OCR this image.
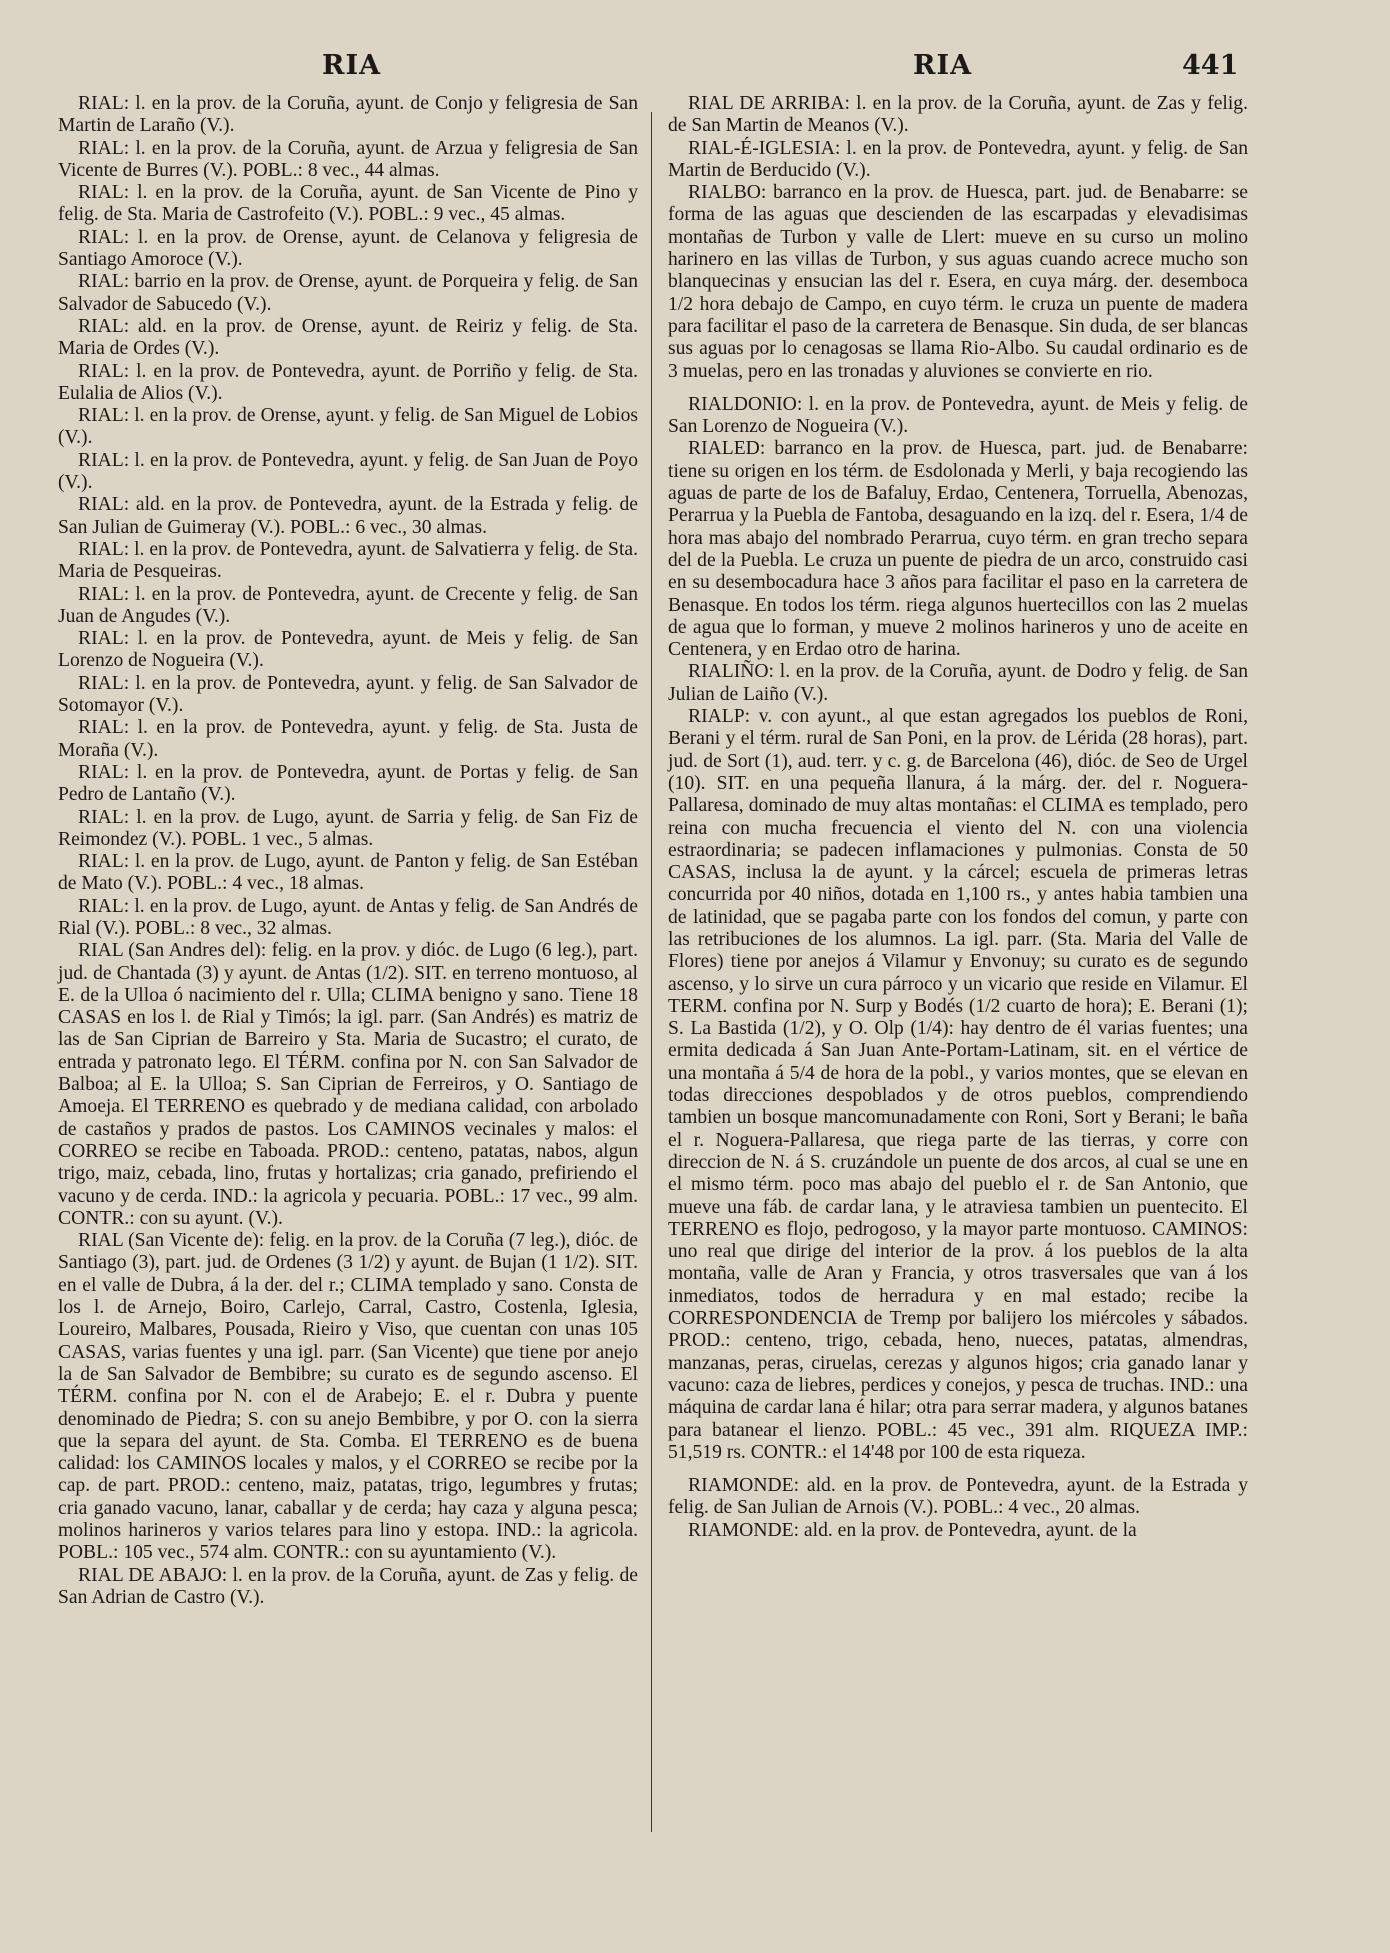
RIA	RIA	441

RIAL: l. en la prov. de la Coruña, ayunt. de Conjo y feligresia de San Martin de Laraño (V.).

RIAL: l. en la prov. de la Coruña, ayunt. de Arzua y feligresia de San Vicente de Burres (V.). POBL.: 8 vec., 44 almas.

RIAL: l. en la prov. de la Coruña, ayunt. de San Vicente de Pino y felig. de Sta. Maria de Castrofeito (V.). POBL.: 9 vec., 45 almas.

RIAL: l. en la prov. de Orense, ayunt. de Celanova y feligresia de Santiago Amoroce (V.).

RIAL: barrio en la prov. de Orense, ayunt. de Porqueira y felig. de San Salvador de Sabucedo (V.).

RIAL: ald. en la prov. de Orense, ayunt. de Reiriz y felig. de Sta. Maria de Ordes (V.).

RIAL: l. en la prov. de Pontevedra, ayunt. de Porriño y felig. de Sta. Eulalia de Alios (V.).

RIAL: l. en la prov. de Orense, ayunt. y felig. de San Miguel de Lobios (V.).

RIAL: l. en la prov. de Pontevedra, ayunt. y felig. de San Juan de Poyo (V.).

RIAL: ald. en la prov. de Pontevedra, ayunt. de la Estrada y felig. de San Julian de Guimeray (V.). POBL.: 6 vec., 30 almas.

RIAL: l. en la prov. de Pontevedra, ayunt. de Salvatierra y felig. de Sta. Maria de Pesqueiras.

RIAL: l. en la prov. de Pontevedra, ayunt. de Crecente y felig. de San Juan de Angudes (V.).

RIAL: l. en la prov. de Pontevedra, ayunt. de Meis y felig. de San Lorenzo de Nogueira (V.).

RIAL: l. en la prov. de Pontevedra, ayunt. y felig. de San Salvador de Sotomayor (V.).

RIAL: l. en la prov. de Pontevedra, ayunt. y felig. de Sta. Justa de Moraña (V.).

RIAL: l. en la prov. de Pontevedra, ayunt. de Portas y felig. de San Pedro de Lantaño (V.).

RIAL: l. en la prov. de Lugo, ayunt. de Sarria y felig. de San Fiz de Reimondez (V.). POBL. 1 vec., 5 almas.

RIAL: l. en la prov. de Lugo, ayunt. de Panton y felig. de San Estéban de Mato (V.). POBL.: 4 vec., 18 almas.

RIAL: l. en la prov. de Lugo, ayunt. de Antas y felig. de San Andrés de Rial (V.). POBL.: 8 vec., 32 almas.

RIAL (San Andres del): felig. en la prov. y dióc. de Lugo (6 leg.), part. jud. de Chantada (3) y ayunt. de Antas (1/2). SIT. en terreno montuoso, al E. de la Ulloa ó nacimiento del r. Ulla; CLIMA benigno y sano. Tiene 18 CASAS en los l. de Rial y Timós; la igl. parr. (San Andrés) es matriz de las de San Ciprian de Barreiro y Sta. Maria de Sucastro; el curato, de entrada y patronato lego. El TÉRM. confina por N. con San Salvador de Balboa; al E. la Ulloa; S. San Ciprian de Ferreiros, y O. Santiago de Amoeja. El TERRENO es quebrado y de mediana calidad, con arbolado de castaños y prados de pastos. Los CAMINOS vecinales y malos: el CORREO se recibe en Taboada. PROD.: centeno, patatas, nabos, algun trigo, maiz, cebada, lino, frutas y hortalizas; cria ganado, prefiriendo el vacuno y de cerda. IND.: la agricola y pecuaria. POBL.: 17 vec., 99 alm. CONTR.: con su ayunt. (V.).

RIAL (San Vicente de): felig. en la prov. de la Coruña (7 leg.), dióc. de Santiago (3), part. jud. de Ordenes (3 1/2) y ayunt. de Bujan (1 1/2). SIT. en el valle de Dubra, á la der. del r.; CLIMA templado y sano. Consta de los l. de Arnejo, Boiro, Carlejo, Carral, Castro, Costenla, Iglesia, Loureiro, Malbares, Pousada, Rieiro y Viso, que cuentan con unas 105 CASAS, varias fuentes y una igl. parr. (San Vicente) que tiene por anejo la de San Salvador de Bembibre; su curato es de segundo ascenso. El TÉRM. confina por N. con el de Arabejo; E. el r. Dubra y puente denominado de Piedra; S. con su anejo Bembibre, y por O. con la sierra que la separa del ayunt. de Sta. Comba. El TERRENO es de buena calidad: los CAMINOS locales y malos, y el CORREO se recibe por la cap. de part. PROD.: centeno, maiz, patatas, trigo, legumbres y frutas; cria ganado vacuno, lanar, caballar y de cerda; hay caza y alguna pesca; molinos harineros y varios telares para lino y estopa. IND.: la agricola. POBL.: 105 vec., 574 alm. CONTR.: con su ayuntamiento (V.).

RIAL DE ABAJO: l. en la prov. de la Coruña, ayunt. de Zas y felig. de San Adrian de Castro (V.).

RIAL DE ARRIBA: l. en la prov. de la Coruña, ayunt. de Zas y felig. de San Martin de Meanos (V.).

RIAL-É-IGLESIA: l. en la prov. de Pontevedra, ayunt. y felig. de San Martin de Berducido (V.).

RIALBO: barranco en la prov. de Huesca, part. jud. de Benabarre: se forma de las aguas que descienden de las escarpadas y elevadisimas montañas de Turbon y valle de Llert: mueve en su curso un molino harinero en las villas de Turbon, y sus aguas cuando acrece mucho son blanquecinas y ensucian las del r. Esera, en cuya márg. der. desemboca 1/2 hora debajo de Campo, en cuyo térm. le cruza un puente de madera para facilitar el paso de la carretera de Benasque. Sin duda, de ser blancas sus aguas por lo cenagosas se llama Rio-Albo. Su caudal ordinario es de 3 muelas, pero en las tronadas y aluviones se convierte en rio.

RIALDONIO: l. en la prov. de Pontevedra, ayunt. de Meis y felig. de San Lorenzo de Nogueira (V.).

RIALED: barranco en la prov. de Huesca, part. jud. de Benabarre: tiene su origen en los térm. de Esdolonada y Merli, y baja recogiendo las aguas de parte de los de Bafaluy, Erdao, Centenera, Torruella, Abenozas, Perarrua y la Puebla de Fantoba, desaguando en la izq. del r. Esera, 1/4 de hora mas abajo del nombrado Perarrua, cuyo térm. en gran trecho separa del de la Puebla. Le cruza un puente de piedra de un arco, construido casi en su desembocadura hace 3 años para facilitar el paso en la carretera de Benasque. En todos los térm. riega algunos huertecillos con las 2 muelas de agua que lo forman, y mueve 2 molinos harineros y uno de aceite en Centenera, y en Erdao otro de harina.

RIALIÑO: l. en la prov. de la Coruña, ayunt. de Dodro y felig. de San Julian de Laiño (V.).

RIALP: v. con ayunt., al que estan agregados los pueblos de Roni, Berani y el térm. rural de San Poni, en la prov. de Lérida (28 horas), part. jud. de Sort (1), aud. terr. y c. g. de Barcelona (46), dióc. de Seo de Urgel (10). SIT. en una pequeña llanura, á la márg. der. del r. Noguera-Pallaresa, dominado de muy altas montañas: el CLIMA es templado, pero reina con mucha frecuencia el viento del N. con una violencia estraordinaria; se padecen inflamaciones y pulmonias. Consta de 50 CASAS, inclusa la de ayunt. y la cárcel; escuela de primeras letras concurrida por 40 niños, dotada en 1,100 rs., y antes habia tambien una de latinidad, que se pagaba parte con los fondos del comun, y parte con las retribuciones de los alumnos. La igl. parr. (Sta. Maria del Valle de Flores) tiene por anejos á Vilamur y Envonuy; su curato es de segundo ascenso, y lo sirve un cura párroco y un vicario que reside en Vilamur. El TERM. confina por N. Surp y Bodés (1/2 cuarto de hora); E. Berani (1); S. La Bastida (1/2), y O. Olp (1/4): hay dentro de él varias fuentes; una ermita dedicada á San Juan Ante-Portam-Latinam, sit. en el vértice de una montaña á 5/4 de hora de la pobl., y varios montes, que se elevan en todas direcciones despoblados y de otros pueblos, comprendiendo tambien un bosque mancomunadamente con Roni, Sort y Berani; le baña el r. Noguera-Pallaresa, que riega parte de las tierras, y corre con direccion de N. á S. cruzándole un puente de dos arcos, al cual se une en el mismo térm. poco mas abajo del pueblo el r. de San Antonio, que mueve una fáb. de cardar lana, y le atraviesa tambien un puentecito. El TERRENO es flojo, pedrogoso, y la mayor parte montuoso. CAMINOS: uno real que dirige del interior de la prov. á los pueblos de la alta montaña, valle de Aran y Francia, y otros trasversales que van á los inmediatos, todos de herradura y en mal estado; recibe la CORRESPONDENCIA de Tremp por balijero los miércoles y sábados. PROD.: centeno, trigo, cebada, heno, nueces, patatas, almendras, manzanas, peras, ciruelas, cerezas y algunos higos; cria ganado lanar y vacuno: caza de liebres, perdices y conejos, y pesca de truchas. IND.: una máquina de cardar lana é hilar; otra para serrar madera, y algunos batanes para batanear el lienzo. POBL.: 45 vec., 391 alm. RIQUEZA IMP.: 51,519 rs. CONTR.: el 14'48 por 100 de esta riqueza.

RIAMONDE: ald. en la prov. de Pontevedra, ayunt. de la Estrada y felig. de San Julian de Arnois (V.). POBL.: 4 vec., 20 almas.

RIAMONDE: ald. en la prov. de Pontevedra, ayunt. de la
